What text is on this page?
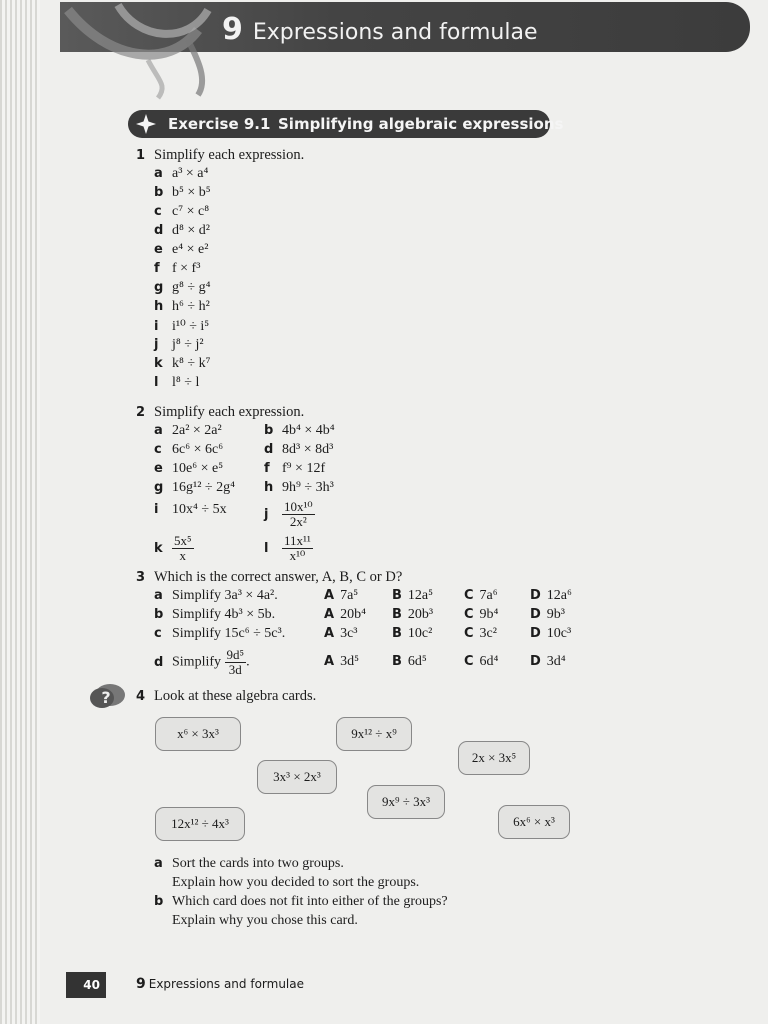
9 Expressions and formulae
Exercise 9.1 Simplifying algebraic expressions
1 Simplify each expression.
a a³ × a⁴
b b⁵ × b⁵
c c⁷ × c⁸
d d⁸ × d²
e e⁴ × e²
f f × f³
g g⁸ ÷ g⁴
h h⁶ ÷ h²
i i¹⁰ ÷ i⁵
j j⁸ ÷ j²
k k⁸ ÷ k⁷
l l⁸ ÷ l
2 Simplify each expression.
a 2a² × 2a²	b 4b⁴ × 4b⁴
c 6c⁶ × 6c⁶	d 8d³ × 8d³
e 10e⁶ × e⁵	f f⁹ × 12f
g 16g¹² ÷ 2g⁴ h 9h⁹ ÷ 3h³
i 10x⁴ ÷ 5x	j $\frac{\text{10x¹⁰}}{\text{2x²}}$
k $\frac{\text{5x⁵}}{x}$	l $\frac{\text{11x¹¹}}{\text{x¹⁰}}$
3 Which is the correct answer, A, B, C or D?
a Simplify 3a³ × 4a².	A 7a⁵	B 12a⁵ C 7a⁶ D 12a⁶
b Simplify 4b³ × 5b.	A 20b⁴ B 20b³ C 9b⁴ D 9b³
c Simplify 15c⁶ ÷ 5c³.	A 3c³	B 10c² C 3c²	D 10c³
d Simplify $\frac{\text{9d⁵}}{3d}$ .	A 3d⁵	B 6d⁵	C 6d⁴ D 3d⁴
? 4 Look at these algebra cards.
x⁶ × 3x³	9x¹² ÷ x⁹
2x × 3x⁵
3x³ × 2x³
9x⁹ ÷ 3x³
12x¹² ÷ 4x³	6x⁶ × x³
a Sort the cards into two groups.
Explain how you decided to sort the groups.
b Which card does not fit into either of the groups?
Explain why you chose this card.
40	9 Expressions and formulae
